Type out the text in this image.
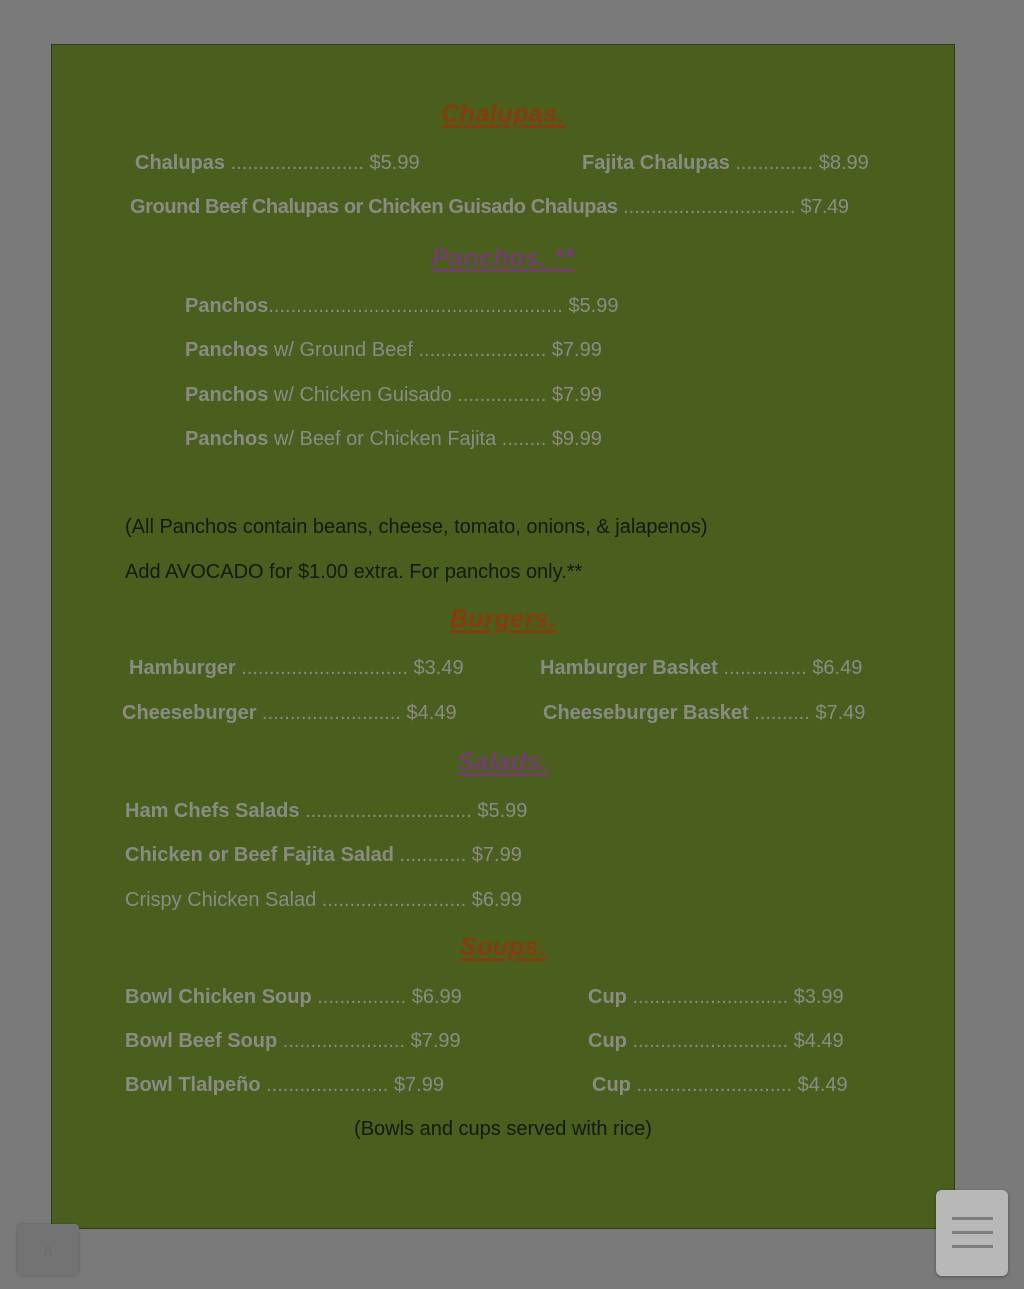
Chalupas.
Chalupas ........................ $5.99	Fajita Chalupas .............. $8.99
Ground Beef Chalupas or Chicken Guisado Chalupas ............................... $7.49
Panchos. **
Panchos..................................................... $5.99
Panchos w/ Ground Beef ....................... $7.99
Panchos w/ Chicken Guisado ................ $7.99
Panchos w/ Beef or Chicken Fajita ........ $9.99
(All Panchos contain beans, cheese, tomato, onions, & jalapenos)
Add AVOCADO for $1.00 extra. For panchos only.**
Burgers.
Hamburger .............................. $3.49	Hamburger Basket ............... $6.49
Cheeseburger ......................... $4.49	Cheeseburger Basket .......... $7.49
Salads.
Ham Chefs Salads .............................. $5.99
Chicken or Beef Fajita Salad ............ $7.99
Crispy Chicken Salad .......................... $6.99
Soups.
Bowl Chicken Soup ................ $6.99	Cup ............................ $3.99
Bowl Beef Soup ...................... $7.99	Cup ............................ $4.49
Bowl Tlalpeño ...................... $7.99	Cup ............................ $4.49
(Bowls and cups served with rice)
∧
